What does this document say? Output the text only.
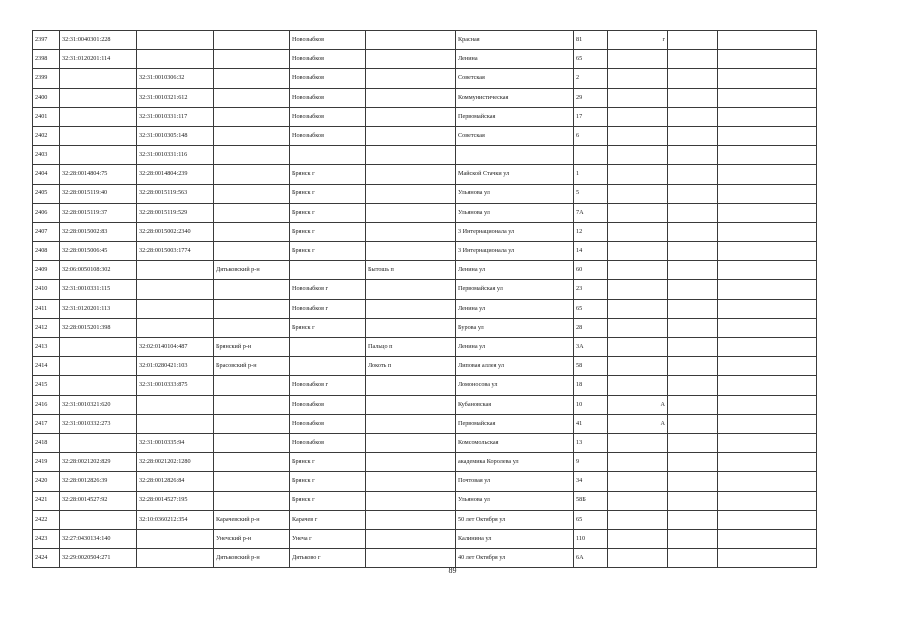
2397	32:31:0040301:228			Новозыбков		Красная	81	г		
2398	32:31:0120201:114			Новозыбков		Ленина	65			
2399		32:31:0010306:32		Новозыбков		Советская	2			
2400		32:31:0010321:612		Новозыбков		Коммунистическая	29			
2401		32:31:0010331:117		Новозыбков		Первомайская	17			
2402		32:31:0010305:148		Новозыбков		Советская	6			
2403		32:31:0010331:116								
2404	32:28:0014804:75	32:28:0014804:239		Брянск г		Майской Стачки ул	1			
2405	32:28:0015119:40	32:28:0015119:563		Брянск г		Ульянова ул	5			
2406	32:28:0015119:37	32:28:0015119:529		Брянск г		Ульянова ул	7А			
2407	32:28:0015002:83	32:28:0015002:2340		Брянск г		3 Интернационала ул	12			
2408	32:28:0015006:45	32:28:0015003:1774		Брянск г		3 Интернационала ул	14			
2409	32:06:0050108:302		Дятьковский р-н		Бытошь п	Ленина ул	60			
2410	32:31:0010331:115			Новозыбков г		Первомайская ул	23			
2411	32:31:0120201:113			Новозыбков г		Ленина ул	65			
2412	32:28:0015201:398			Брянск г		Бурова ул	28			
2413		32:02:0140104:487	Брянский р-н		Пальцо п	Ленина ул	3А			
2414		32:01:0280421:103	Брасовский р-н		Локоть п	Липовая аллея ул	58			
2415		32:31:0010333:875		Новозыбков г		Ломоносова ул	18			
2416	32:31:0010321:620			Новозыбков		Кубановская	10	А		
2417	32:31:0010332:273			Новозыбков		Первомайская	41	А		
2418		32:31:0010335:94		Новозыбков		Комсомольская	13			
2419	32:28:0021202:829	32:28:0021202:1280		Брянск г		академика Королева ул	9			
2420	32:28:0012826:39	32:28:0012826:84		Брянск г		Почтовая ул	34			
2421	32:28:0014527:92	32:28:0014527:195		Брянск г		Ульянова ул	58Б			
2422		32:10:0360212:354	Карачевский р-н	Карачев г		50 лет Октября ул	65			
2423	32:27:0430134:140		Унечский р-н	Унеча г		Калинина ул	110			
2424	32:29:0020504:271		Дятьковский р-н	Дятьково г		40 лет Октября ул	6А			
89
